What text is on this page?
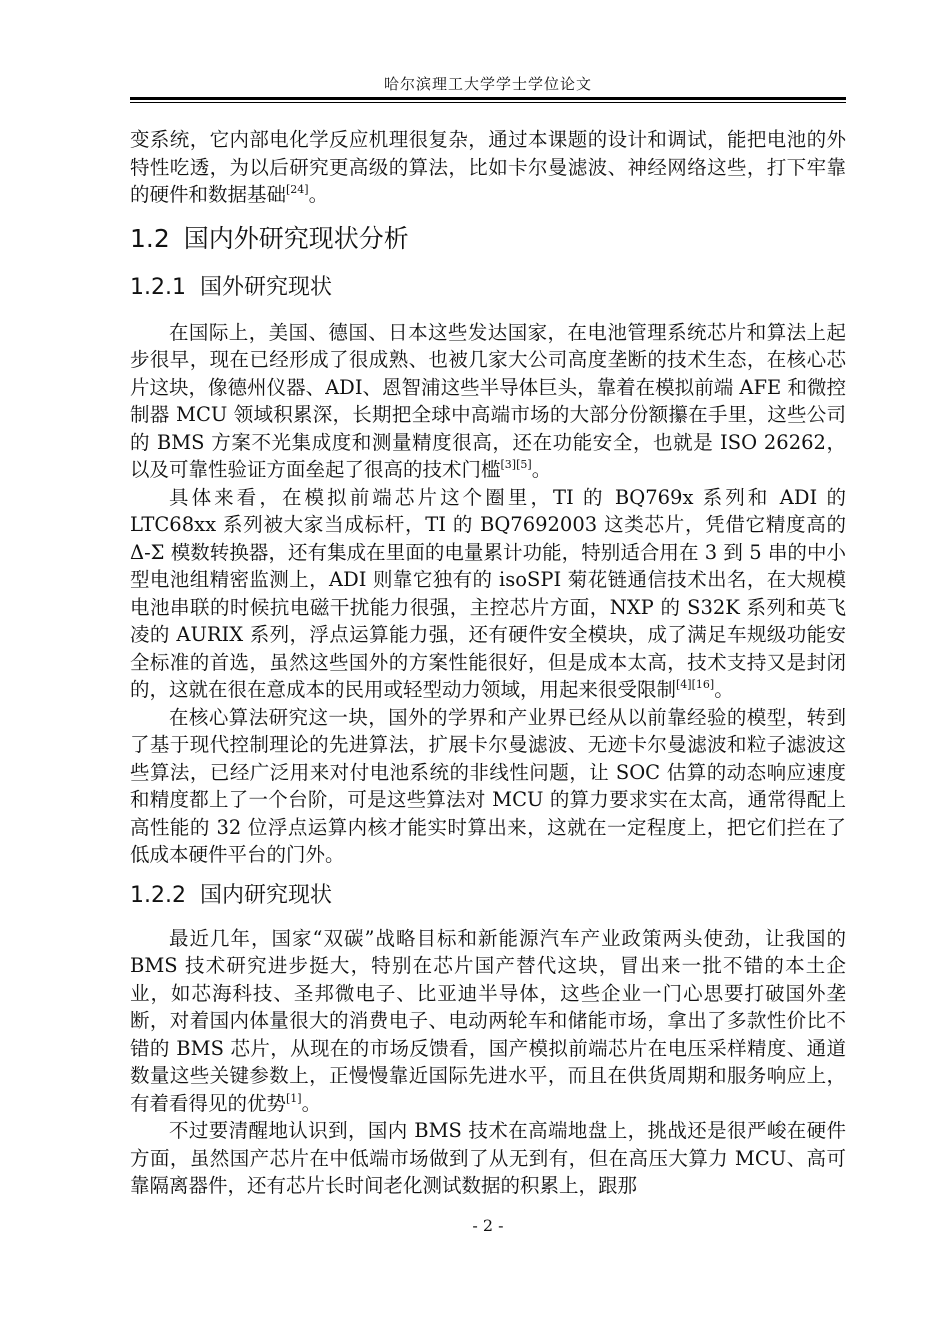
哈尔滨理工大学学士学位论文

变系统，它内部电化学反应机理很复杂，通过本课题的设计和调试，能把电池的外特性吃透，为以后研究更高级的算法，比如卡尔曼滤波、神经网络这些，打下牢靠的硬件和数据基础[24]。

1.2 国内外研究现状分析
1.2.1 国外研究现状

在国际上，美国、德国、日本这些发达国家，在电池管理系统芯片和算法上起步很早，现在已经形成了很成熟、也被几家大公司高度垄断的技术生态，在核心芯片这块，像德州仪器、ADI、恩智浦这些半导体巨头，靠着在模拟前端 AFE 和微控制器 MCU 领域积累深，长期把全球中高端市场的大部分份额攥在手里，这些公司的 BMS 方案不光集成度和测量精度很高，还在功能安全，也就是 ISO 26262，以及可靠性验证方面垒起了很高的技术门槛[3][5]。

具体来看，在模拟前端芯片这个圈里，TI 的 BQ769x 系列和 ADI 的 LTC68xx 系列被大家当成标杆，TI 的 BQ7692003 这类芯片，凭借它精度高的 Δ-Σ 模数转换器，还有集成在里面的电量累计功能，特别适合用在 3 到 5 串的中小型电池组精密监测上，ADI 则靠它独有的 isoSPI 菊花链通信技术出名，在大规模电池串联的时候抗电磁干扰能力很强，主控芯片方面，NXP 的 S32K 系列和英飞凌的 AURIX 系列，浮点运算能力强，还有硬件安全模块，成了满足车规级功能安全标准的首选，虽然这些国外的方案性能很好，但是成本太高，技术支持又是封闭的，这就在很在意成本的民用或轻型动力领域，用起来很受限制[4][16]。

在核心算法研究这一块，国外的学界和产业界已经从以前靠经验的模型，转到了基于现代控制理论的先进算法，扩展卡尔曼滤波、无迹卡尔曼滤波和粒子滤波这些算法，已经广泛用来对付电池系统的非线性问题，让 SOC 估算的动态响应速度和精度都上了一个台阶，可是这些算法对 MCU 的算力要求实在太高，通常得配上高性能的 32 位浮点运算内核才能实时算出来，这就在一定程度上，把它们拦在了低成本硬件平台的门外。

1.2.2 国内研究现状

最近几年，国家“双碳”战略目标和新能源汽车产业政策两头使劲，让我国的 BMS 技术研究进步挺大，特别在芯片国产替代这块，冒出来一批不错的本土企业，如芯海科技、圣邦微电子、比亚迪半导体，这些企业一门心思要打破国外垄断，对着国内体量很大的消费电子、电动两轮车和储能市场，拿出了多款性价比不错的 BMS 芯片，从现在的市场反馈看，国产模拟前端芯片在电压采样精度、通道数量这些关键参数上，正慢慢靠近国际先进水平，而且在供货周期和服务响应上，有着看得见的优势[1]。

不过要清醒地认识到，国内 BMS 技术在高端地盘上，挑战还是很严峻在硬件方面，虽然国产芯片在中低端市场做到了从无到有，但在高压大算力 MCU、高可靠隔离器件，还有芯片长时间老化测试数据的积累上，跟那

- 2 -
